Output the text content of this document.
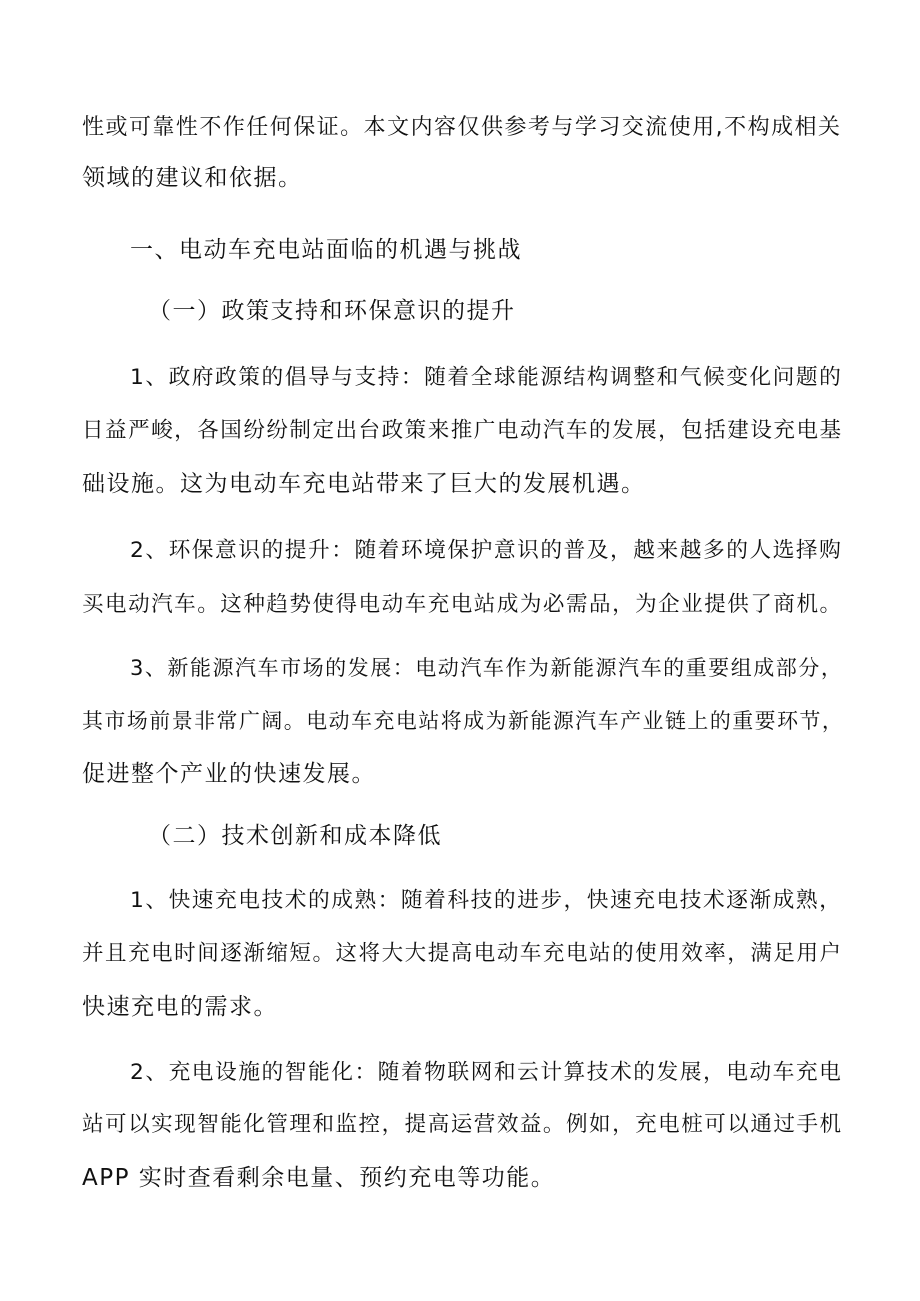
性或可靠性不作任何保证。本文内容仅供参考与学习交流使用,不构成相关
领域的建议和依据。
一、电动车充电站面临的机遇与挑战
（一）政策支持和环保意识的提升
1、政府政策的倡导与支持：随着全球能源结构调整和气候变化问题的
日益严峻，各国纷纷制定出台政策来推广电动汽车的发展，包括建设充电基
础设施。这为电动车充电站带来了巨大的发展机遇。
2、环保意识的提升：随着环境保护意识的普及，越来越多的人选择购
买电动汽车。这种趋势使得电动车充电站成为必需品，为企业提供了商机。
3、新能源汽车市场的发展：电动汽车作为新能源汽车的重要组成部分，
其市场前景非常广阔。电动车充电站将成为新能源汽车产业链上的重要环节，
促进整个产业的快速发展。
（二）技术创新和成本降低
1、快速充电技术的成熟：随着科技的进步，快速充电技术逐渐成熟，
并且充电时间逐渐缩短。这将大大提高电动车充电站的使用效率，满足用户
快速充电的需求。
2、充电设施的智能化：随着物联网和云计算技术的发展，电动车充电
站可以实现智能化管理和监控，提高运营效益。例如，充电桩可以通过手机
APP 实时查看剩余电量、预约充电等功能。
